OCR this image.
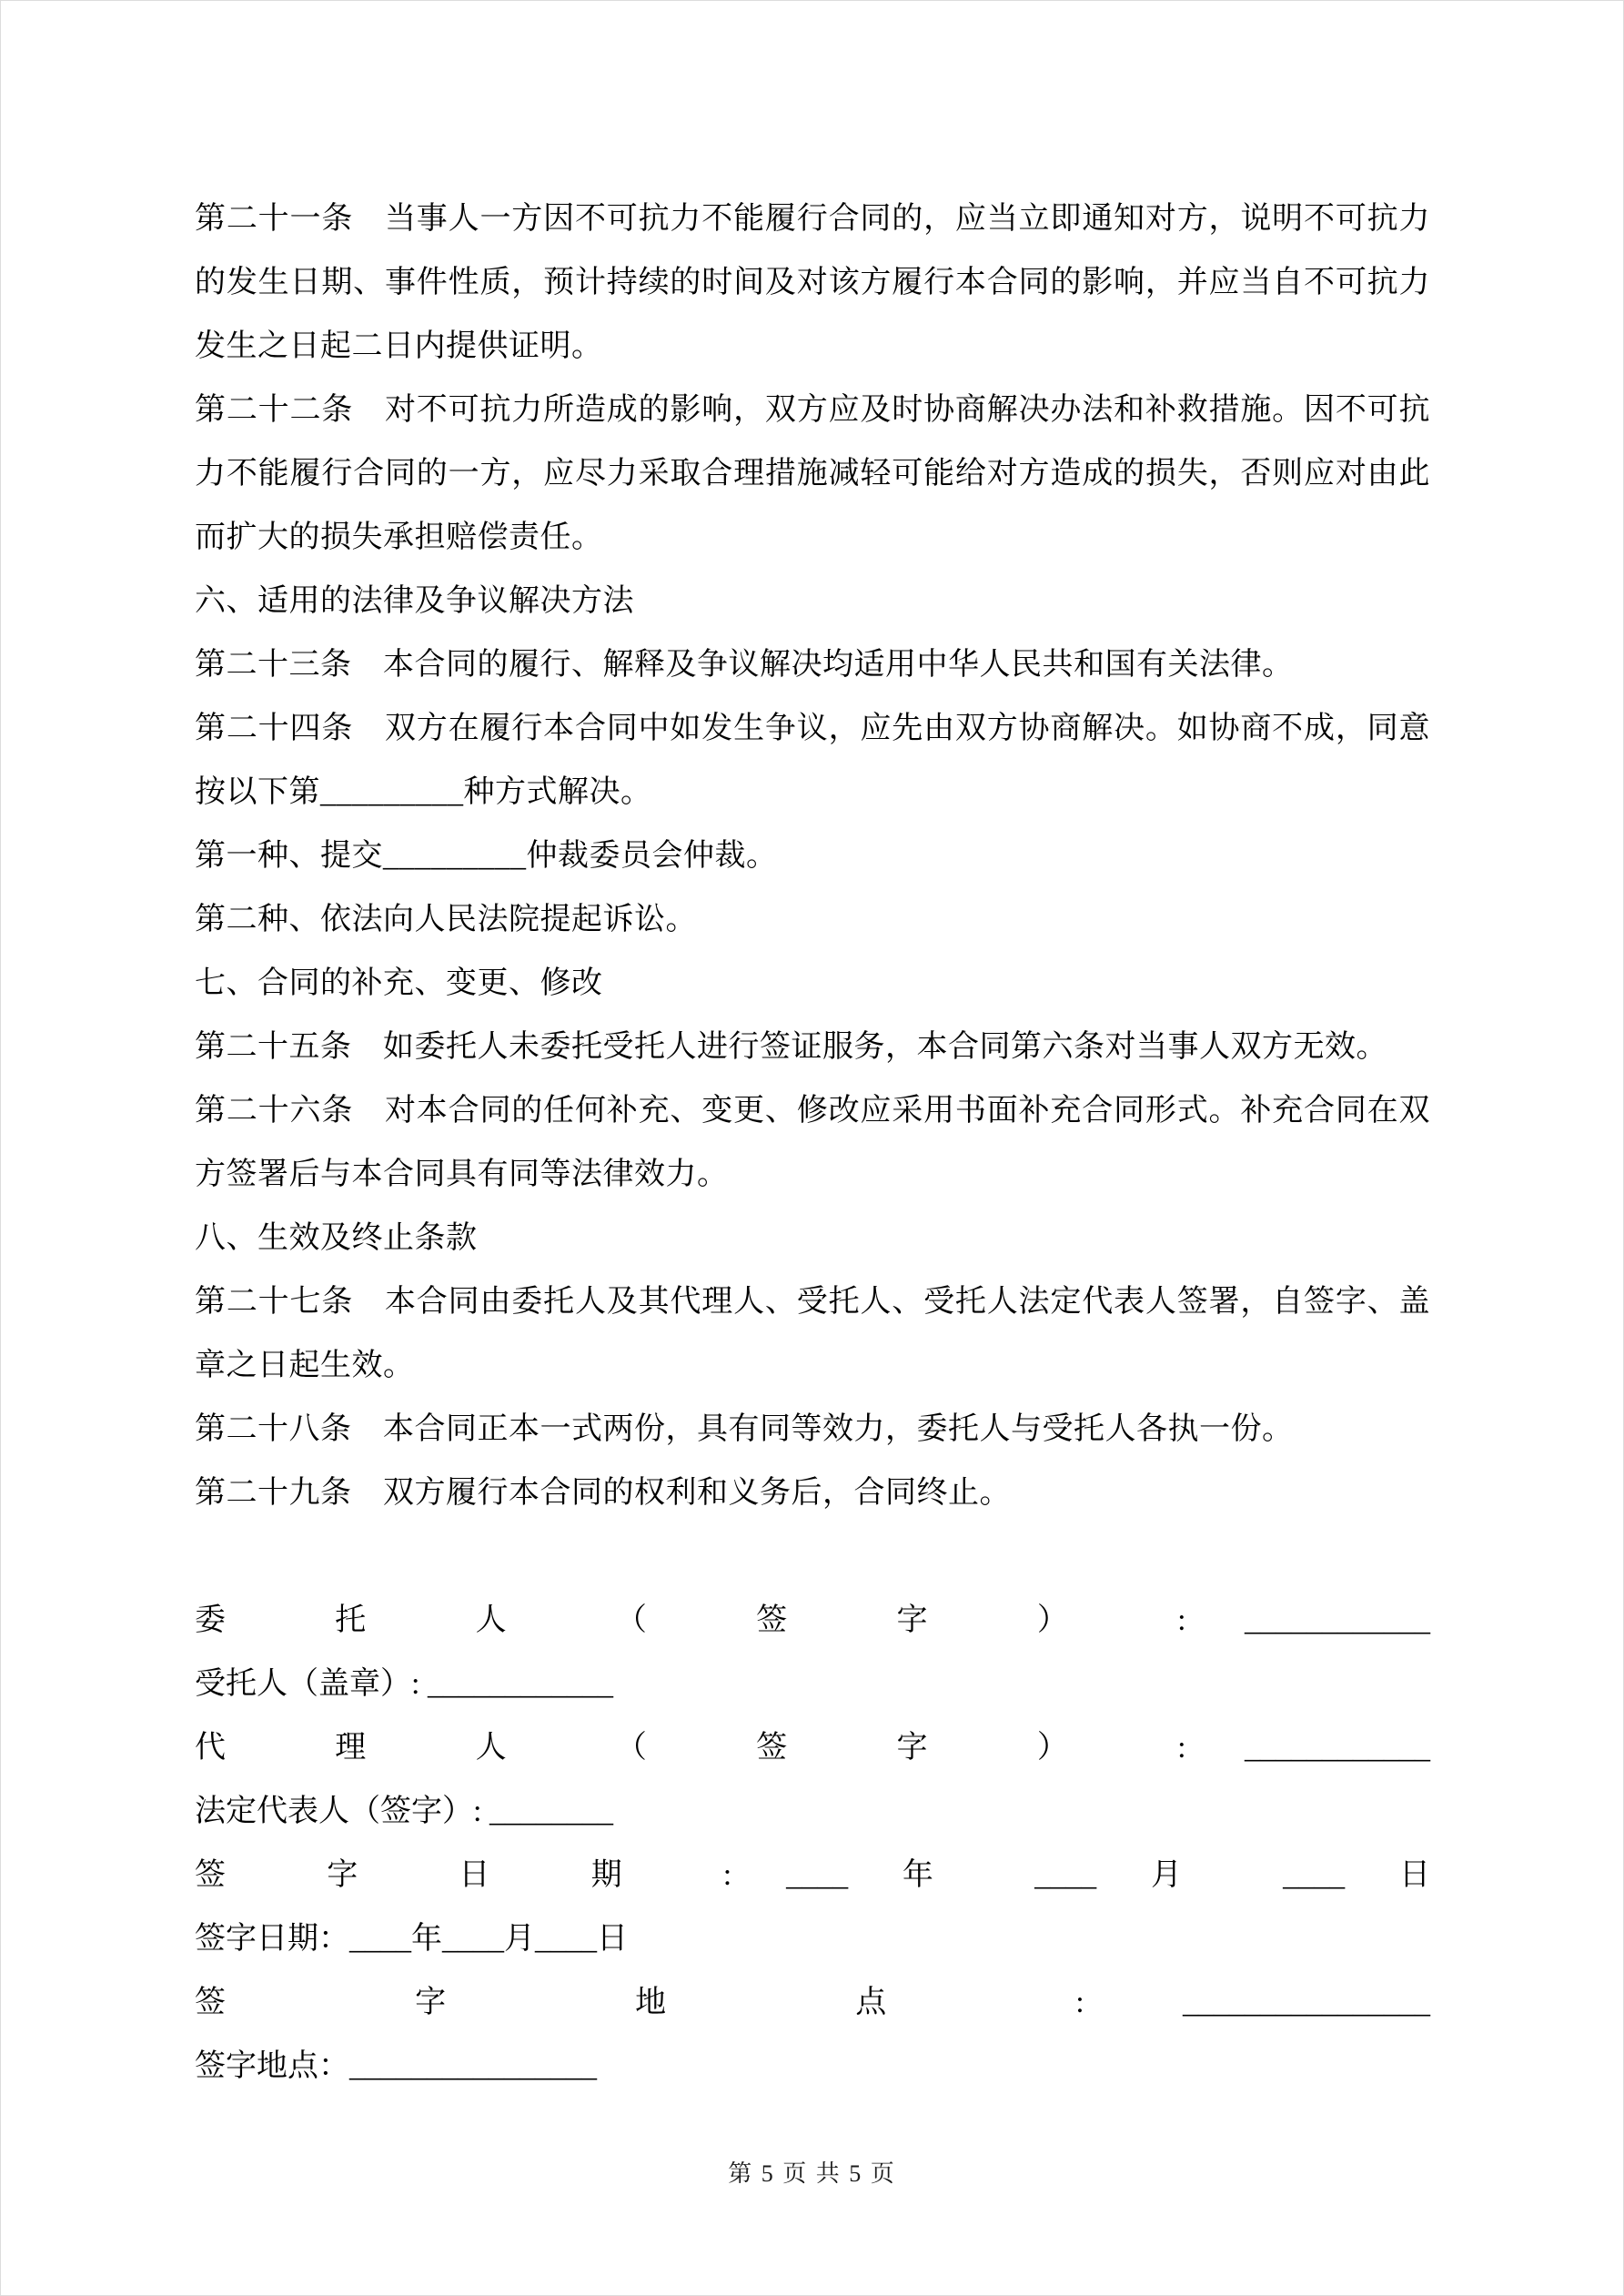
第二十一条　当事人一方因不可抗力不能履行合同的，应当立即通知对方，说明不可抗力的发生日期、事件性质，预计持续的时间及对该方履行本合同的影响，并应当自不可抗力发生之日起二日内提供证明。

第二十二条　对不可抗力所造成的影响，双方应及时协商解决办法和补救措施。因不可抗力不能履行合同的一方，应尽力采取合理措施减轻可能给对方造成的损失，否则应对由此而扩大的损失承担赔偿责任。

六、适用的法律及争议解决方法

第二十三条　本合同的履行、解释及争议解决均适用中华人民共和国有关法律。

第二十四条　双方在履行本合同中如发生争议，应先由双方协商解决。如协商不成，同意按以下第_________种方式解决。

第一种、提交_________仲裁委员会仲裁。

第二种、依法向人民法院提起诉讼。

七、合同的补充、变更、修改

第二十五条　如委托人未委托受托人进行签证服务，本合同第六条对当事人双方无效。

第二十六条　对本合同的任何补充、变更、修改应采用书面补充合同形式。补充合同在双方签署后与本合同具有同等法律效力。

八、生效及终止条款

第二十七条　本合同由委托人及其代理人、受托人、受托人法定代表人签署，自签字、盖章之日起生效。

第二十八条　本合同正本一式两份，具有同等效力，委托人与受托人各执一份。

第二十九条　双方履行本合同的权利和义务后，合同终止。

委 托 人 （ 签 字 ） : ____________

受托人（盖章）: ____________

代 理 人 （ 签 字 ） : ____________

法定代表人（签字）: ________

签 字 日 期 : ____ 年 ____ 月 ____ 日

签字日期：____年____月____日

签 字 地 点 : ________________

签字地点：________________

第 5 页 共 5 页
